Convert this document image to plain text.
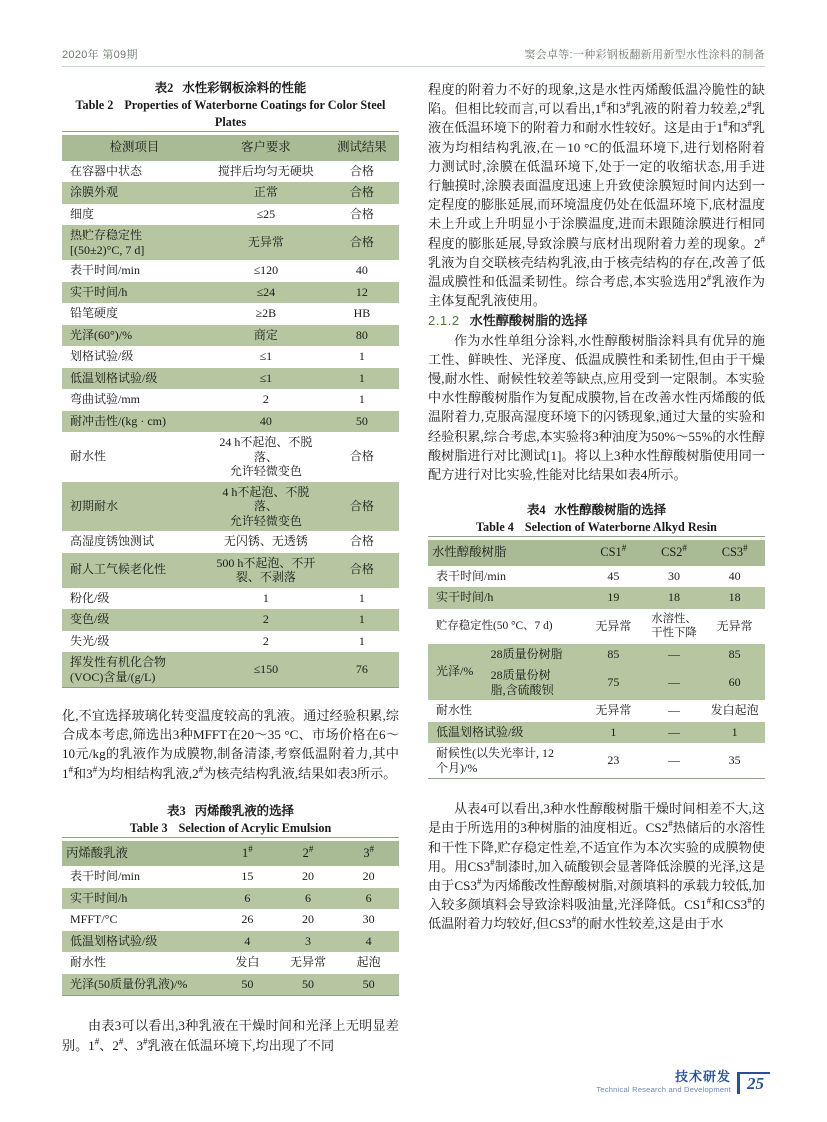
2020年 第09期	窦会卓等:一种彩钢板翻新用新型水性涂料的制备
表2 水性彩钢板涂料的性能
Table 2 Properties of Waterborne Coatings for Color Steel Plates
检测项目	客户要求	测试结果
在容器中状态	搅拌后均匀无硬块	合格
涂膜外观	正常	合格
细度	≤25	合格
热贮存稳定性
[(50±2)°C, 7 d]	无异常	合格
表干时间/min	≤120	40
实干时间/h	≤24	12
铅笔硬度	≥2B	HB
光泽(60°)/%	商定	80
划格试验/级	≤1	1
低温划格试验/级	≤1	1
弯曲试验/mm	2	1
耐冲击性/(kg · cm)	40	50
耐水性	24 h不起泡、不脱落、
允许轻微变色	合格
初期耐水	4 h不起泡、不脱落、
允许轻微变色	合格
高湿度锈蚀测试	无闪锈、无透锈	合格
耐人工气候老化性	500 h不起泡、不开
裂、不剥落	合格
粉化/级	1	1
变色/级	2	1
失光/级	2	1
挥发性有机化合物
(VOC)含量/(g/L)	≤150	76

化,不宜选择玻璃化转变温度较高的乳液。通过经验积累,综合成本考虑,筛选出3种MFFT在20～35 °C、市场价格在6～10元/kg的乳液作为成膜物,制备清漆,考察低温附着力,其中1#和3#为均相结构乳液,2#为核壳结构乳液,结果如表3所示。

表3 丙烯酸乳液的选择
Table 3 Selection of Acrylic Emulsion
丙烯酸乳液	1#	2#	3#
表干时间/min	15	20	20
实干时间/h	6	6	6
MFFT/°C	26	20	30
低温划格试验/级	4	3	4
耐水性	发白	无异常	起泡
光泽(50质量份乳液)/%	50	50	50

由表3可以看出,3种乳液在干燥时间和光泽上无明显差别。1#、2#、3#乳液在低温环境下,均出现了不同

程度的附着力不好的现象,这是水性丙烯酸低温冷脆性的缺陷。但相比较而言,可以看出,1#和3#乳液的附着力较差,2#乳液在低温环境下的附着力和耐水性较好。这是由于1#和3#乳液为均相结构乳液,在－10 °C的低温环境下,进行划格附着力测试时,涂膜在低温环境下,处于一定的收缩状态,用手进行触摸时,涂膜表面温度迅速上升致使涂膜短时间内达到一定程度的膨胀延展,而环境温度仍处在低温环境下,底材温度未上升或上升明显小于涂膜温度,进而未跟随涂膜进行相同程度的膨胀延展,导致涂膜与底材出现附着力差的现象。2#乳液为自交联核壳结构乳液,由于核壳结构的存在,改善了低温成膜性和低温柔韧性。综合考虑,本实验选用2#乳液作为主体复配乳液使用。

2.1.2 水性醇酸树脂的选择

作为水性单组分涂料,水性醇酸树脂涂料具有优异的施工性、鲜映性、光泽度、低温成膜性和柔韧性,但由于干燥慢,耐水性、耐候性较差等缺点,应用受到一定限制。本实验中水性醇酸树脂作为复配成膜物,旨在改善水性丙烯酸的低温附着力,克服高湿度环境下的闪锈现象,通过大量的实验和经验积累,综合考虑,本实验将3种油度为50%～55%的水性醇酸树脂进行对比测试[1]。将以上3种水性醇酸树脂使用同一配方进行对比实验,性能对比结果如表4所示。

表4 水性醇酸树脂的选择
Table 4 Selection of Waterborne Alkyd Resin
水性醇酸树脂		CS1#	CS2#	CS3#
表干时间/min		45	30	40
实干时间/h		19	18	18
贮存稳定性(50 °C、7 d)		无异常	水溶性、
干性下降	无异常
光泽/%	28质量份树脂	85	—	85
	28质量份树
脂,含硫酸钡	75	—	60
耐水性		无异常	—	发白起泡
低温划格试验/级		1	—	1
耐候性(以失光率计, 12
个月)/%		23	—	35

从表4可以看出,3种水性醇酸树脂干燥时间相差不大,这是由于所选用的3种树脂的油度相近。CS2#热储后的水溶性和干性下降,贮存稳定性差,不适宜作为本次实验的成膜物使用。用CS3#制漆时,加入硫酸钡会显著降低涂膜的光泽,这是由于CS3#为丙烯酸改性醇酸树脂,对颜填料的承载力较低,加入较多颜填料会导致涂料吸油量,光泽降低。CS1#和CS3#的低温附着力均较好,但CS3#的耐水性较差,这是由于水

技术研发
Technical Research and Development 25
